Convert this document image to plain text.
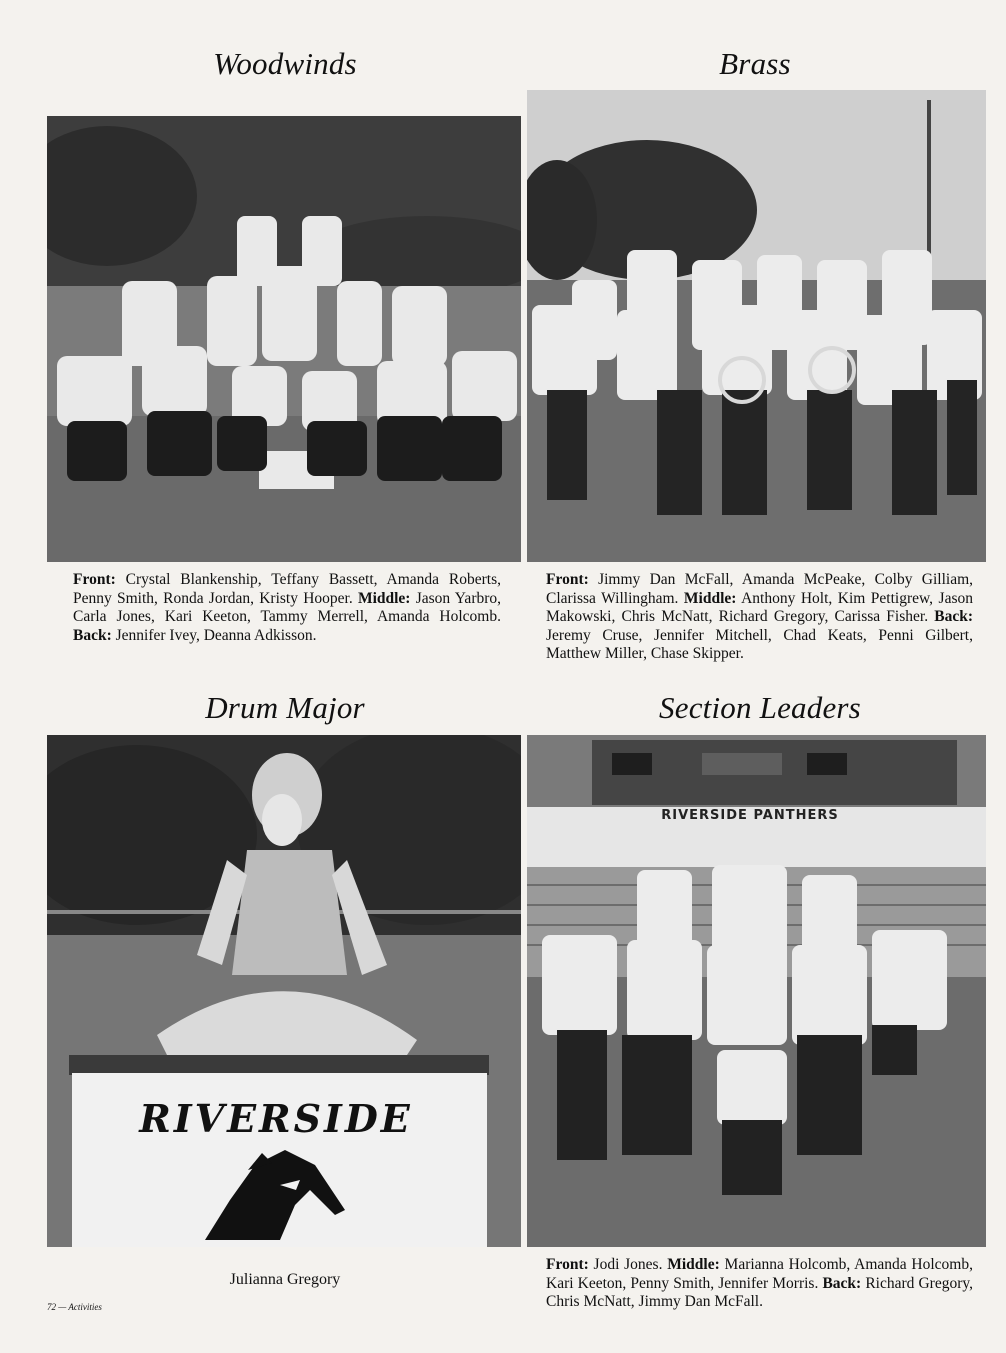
Woodwinds	Brass
Drum Major	Section Leaders

Front: Crystal Blankenship, Teffany Bassett, Amanda Roberts, Penny Smith, Ronda Jordan, Kristy Hooper. Middle: Jason Yarbro, Carla Jones, Kari Keeton, Tammy Merrell, Amanda Holcomb. Back: Jennifer Ivey, Deanna Adkisson.

Front: Jimmy Dan McFall, Amanda McPeake, Colby Gilliam, Clarissa Willingham. Middle: Anthony Holt, Kim Pettigrew, Jason Makowski, Chris McNatt, Richard Gregory, Carissa Fisher. Back: Jeremy Cruse, Jennifer Mitchell, Chad Keats, Penni Gilbert, Matthew Miller, Chase Skipper.

RIVERSIDE
RIVERSIDE PANTHERS
Julianna Gregory

Front: Jodi Jones. Middle: Marianna Holcomb, Amanda Holcomb, Kari Keeton, Penny Smith, Jennifer Morris. Back: Richard Gregory, Chris McNatt, Jimmy Dan McFall.

72 — Activities
